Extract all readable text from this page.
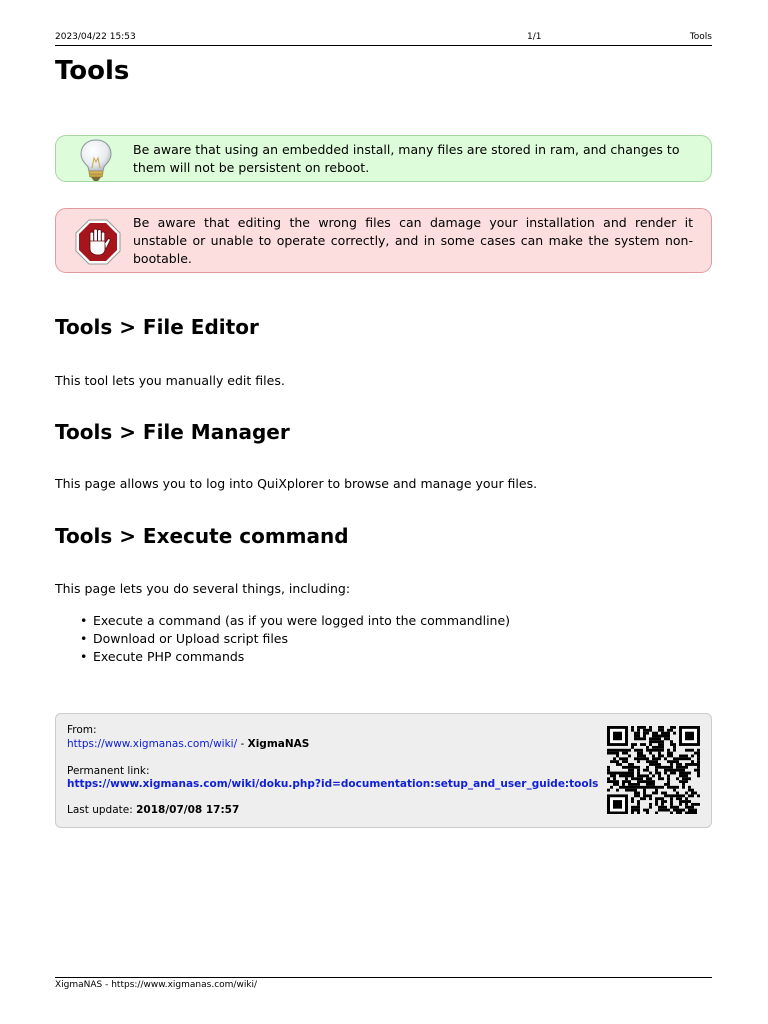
2023/04/22 15:53	1/1	Tools
Tools
Be aware that using an embedded install, many files are stored in ram, and changes to them will not be persistent on reboot.
Be aware that editing the wrong files can damage your installation and render it unstable or unable to operate correctly, and in some cases can make the system non-bootable.
Tools > File Editor

This tool lets you manually edit files.

Tools > File Manager

This page allows you to log into QuiXplorer to browse and manage your files.

Tools > Execute command

This page lets you do several things, including:

• Execute a command (as if you were logged into the commandline)
• Download or Upload script files
• Execute PHP commands
From:
https://www.xigmanas.com/wiki/ - XigmaNAS
Permanent link:
https://www.xigmanas.com/wiki/doku.php?id=documentation:setup_and_user_guide:tools
Last update: 2018/07/08 17:57
XigmaNAS - https://www.xigmanas.com/wiki/
